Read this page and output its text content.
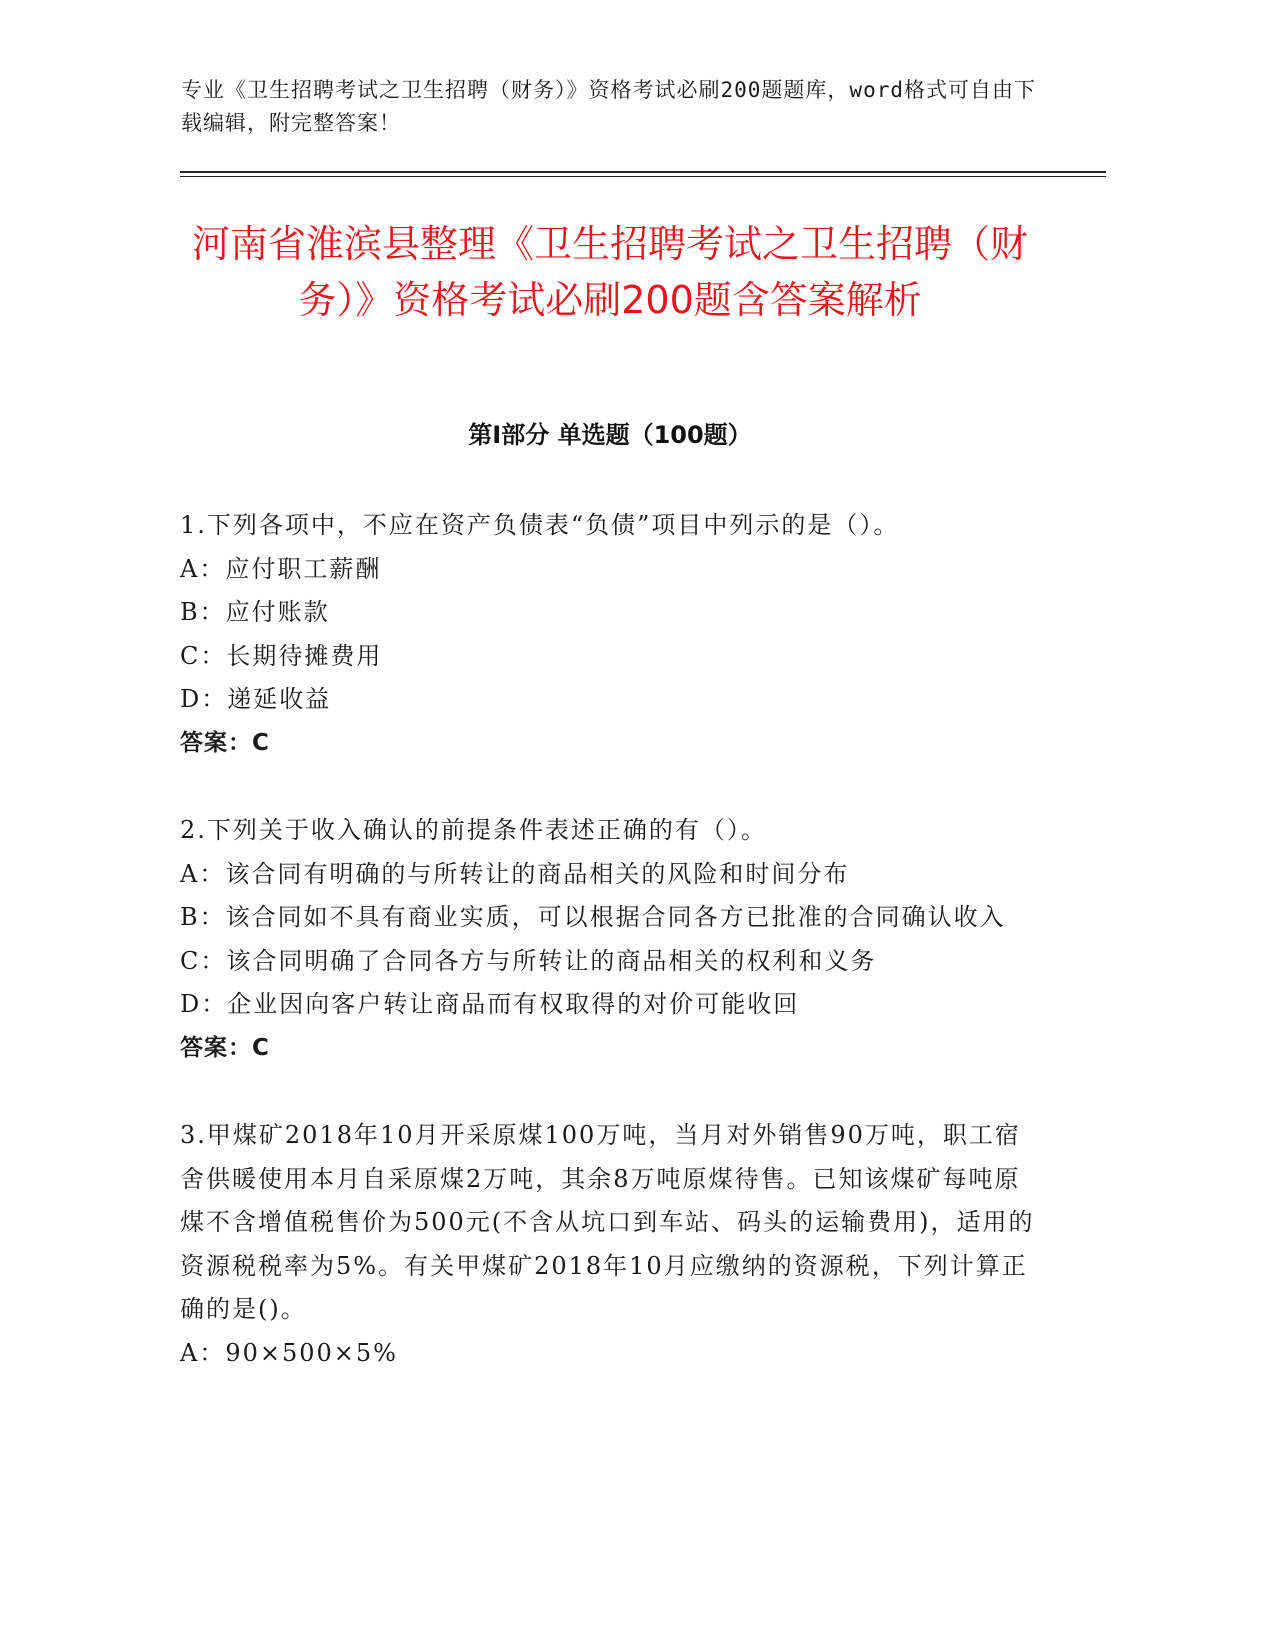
专业《卫生招聘考试之卫生招聘（财务）》资格考试必刷200题题库，word格式可自由下载编辑，附完整答案！
河南省淮滨县整理《卫生招聘考试之卫生招聘（财务）》资格考试必刷200题含答案解析
第Ⅰ部分 单选题（100题）

1.下列各项中，不应在资产负债表“负债”项目中列示的是（）。

A：应付职工薪酬

B：应付账款

C：长期待摊费用

D：递延收益

答案：C

2.下列关于收入确认的前提条件表述正确的有（）。

A：该合同有明确的与所转让的商品相关的风险和时间分布

B：该合同如不具有商业实质，可以根据合同各方已批准的合同确认收入

C：该合同明确了合同各方与所转让的商品相关的权利和义务

D：企业因向客户转让商品而有权取得的对价可能收回

答案：C

3.甲煤矿2018年10月开采原煤100万吨，当月对外销售90万吨，职工宿舍供暖使用本月自采原煤2万吨，其余8万吨原煤待售。已知该煤矿每吨原煤不含增值税售价为500元(不含从坑口到车站、码头的运输费用)，适用的资源税税率为5%。有关甲煤矿2018年10月应缴纳的资源税，下列计算正确的是()。

A：90×500×5%
